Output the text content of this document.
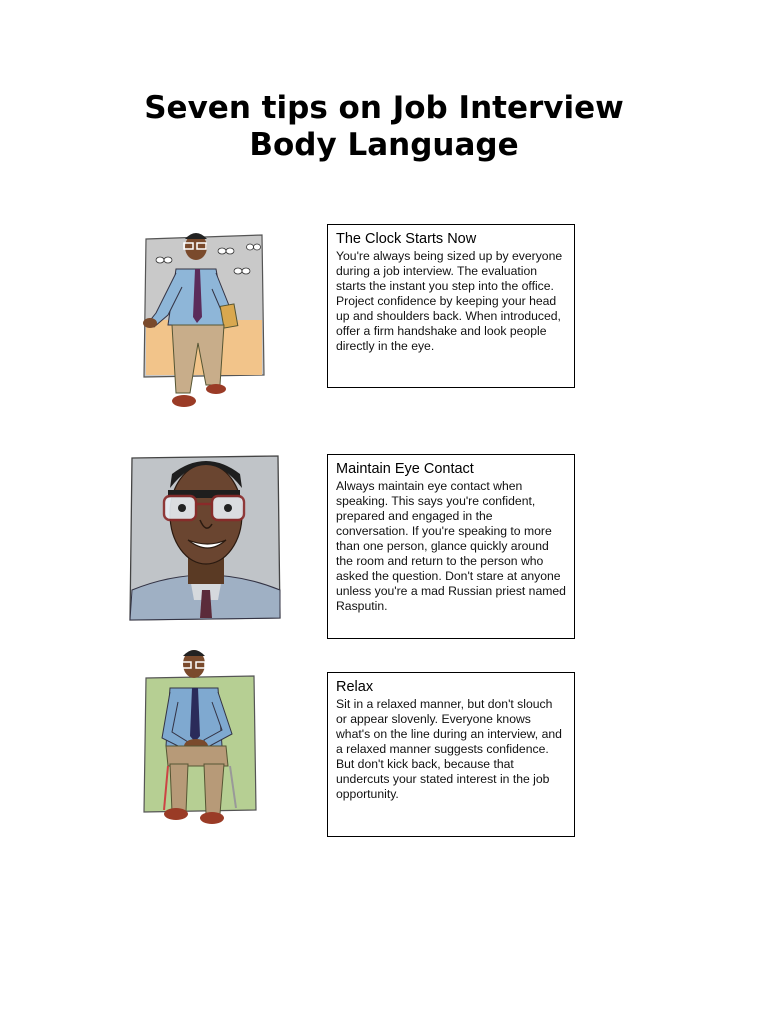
Seven tips on Job Interview
Body Language

The Clock Starts Now

You're always being sized up by everyone during a job interview. The evaluation starts the instant you step into the office. Project confidence by keeping your head up and shoulders back. When introduced, offer a firm handshake and look people directly in the eye.

Maintain Eye Contact

Always maintain eye contact when speaking. This says you're confident, prepared and engaged in the conversation. If you're speaking to more than one person, glance quickly around the room and return to the person who asked the question. Don't stare at anyone unless you're a mad Russian priest named Rasputin.

Relax

Sit in a relaxed manner, but don't slouch or appear slovenly. Everyone knows what's on the line during an interview, and a relaxed manner suggests confidence. But don't kick back, because that undercuts your stated interest in the job opportunity.
